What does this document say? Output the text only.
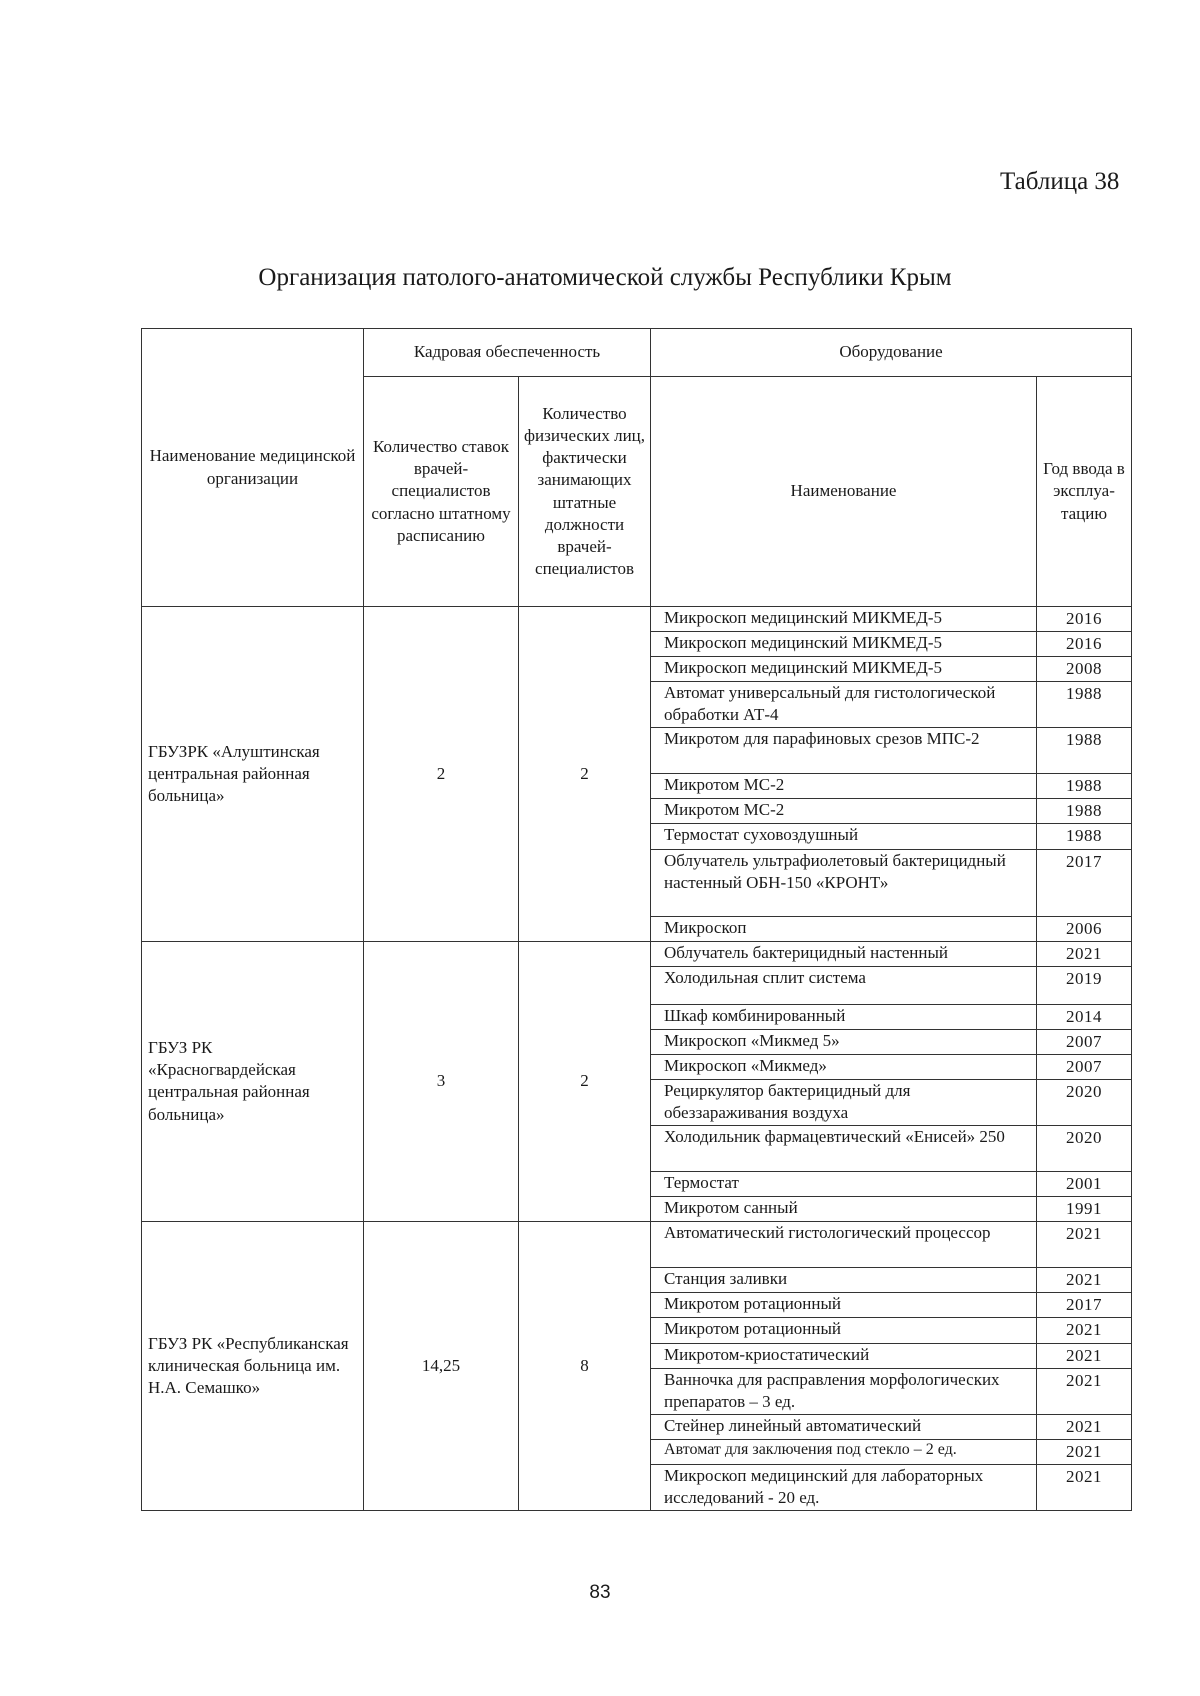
Таблица 38
Организация патолого-анатомической службы Республики Крым
Наименование медицинской организации	Кадровая обеспеченность		Оборудование	
	Количество ставок врачей-специалистов согласно штатному расписанию	Количество физических лиц, фактически занимающих штатные должности врачей-специалистов	Наименование	Год ввода в эксплуа-тацию
ГБУЗРК «Алуштинская центральная районная больница»	2	2	Микроскоп медицинский МИКМЕД-5	2016
			Микроскоп медицинский МИКМЕД-5	2016
			Микроскоп медицинский МИКМЕД-5	2008
			Автомат универсальный для гистологической обработки АТ-4	1988
			Микротом для парафиновых срезов МПС-2	1988
			Микротом МС-2	1988
			Микротом МС-2	1988
			Термостат суховоздушный	1988
			Облучатель ультрафиолетовый бактерицидный настенный ОБН-150 «КРОНТ»	2017
			Микроскоп	2006
ГБУЗ РК «Красногвардейская центральная районная больница»	3	2	Облучатель бактерицидный настенный	2021
			Холодильная сплит система	2019
			Шкаф комбинированный	2014
			Микроскоп «Микмед 5»	2007
			Микроскоп «Микмед»	2007
			Рециркулятор бактерицидный для обеззараживания воздуха	2020
			Холодильник фармацевтический «Енисей» 250	2020
			Термостат	2001
			Микротом санный	1991
ГБУЗ РК «Республиканская клиническая больница им. Н.А. Семашко»	14,25	8	Автоматический гистологический процессор	2021
			Станция заливки	2021
			Микротом ротационный	2017
			Микротом ротационный	2021
			Микротом-криостатический	2021
			Ванночка для расправления морфологических препаратов – 3 ед.	2021
			Стейнер линейный автоматический	2021
			Автомат для заключения под стекло – 2 ед.	2021
			Микроскоп медицинский для лабораторных исследований - 20 ед.	2021
83
